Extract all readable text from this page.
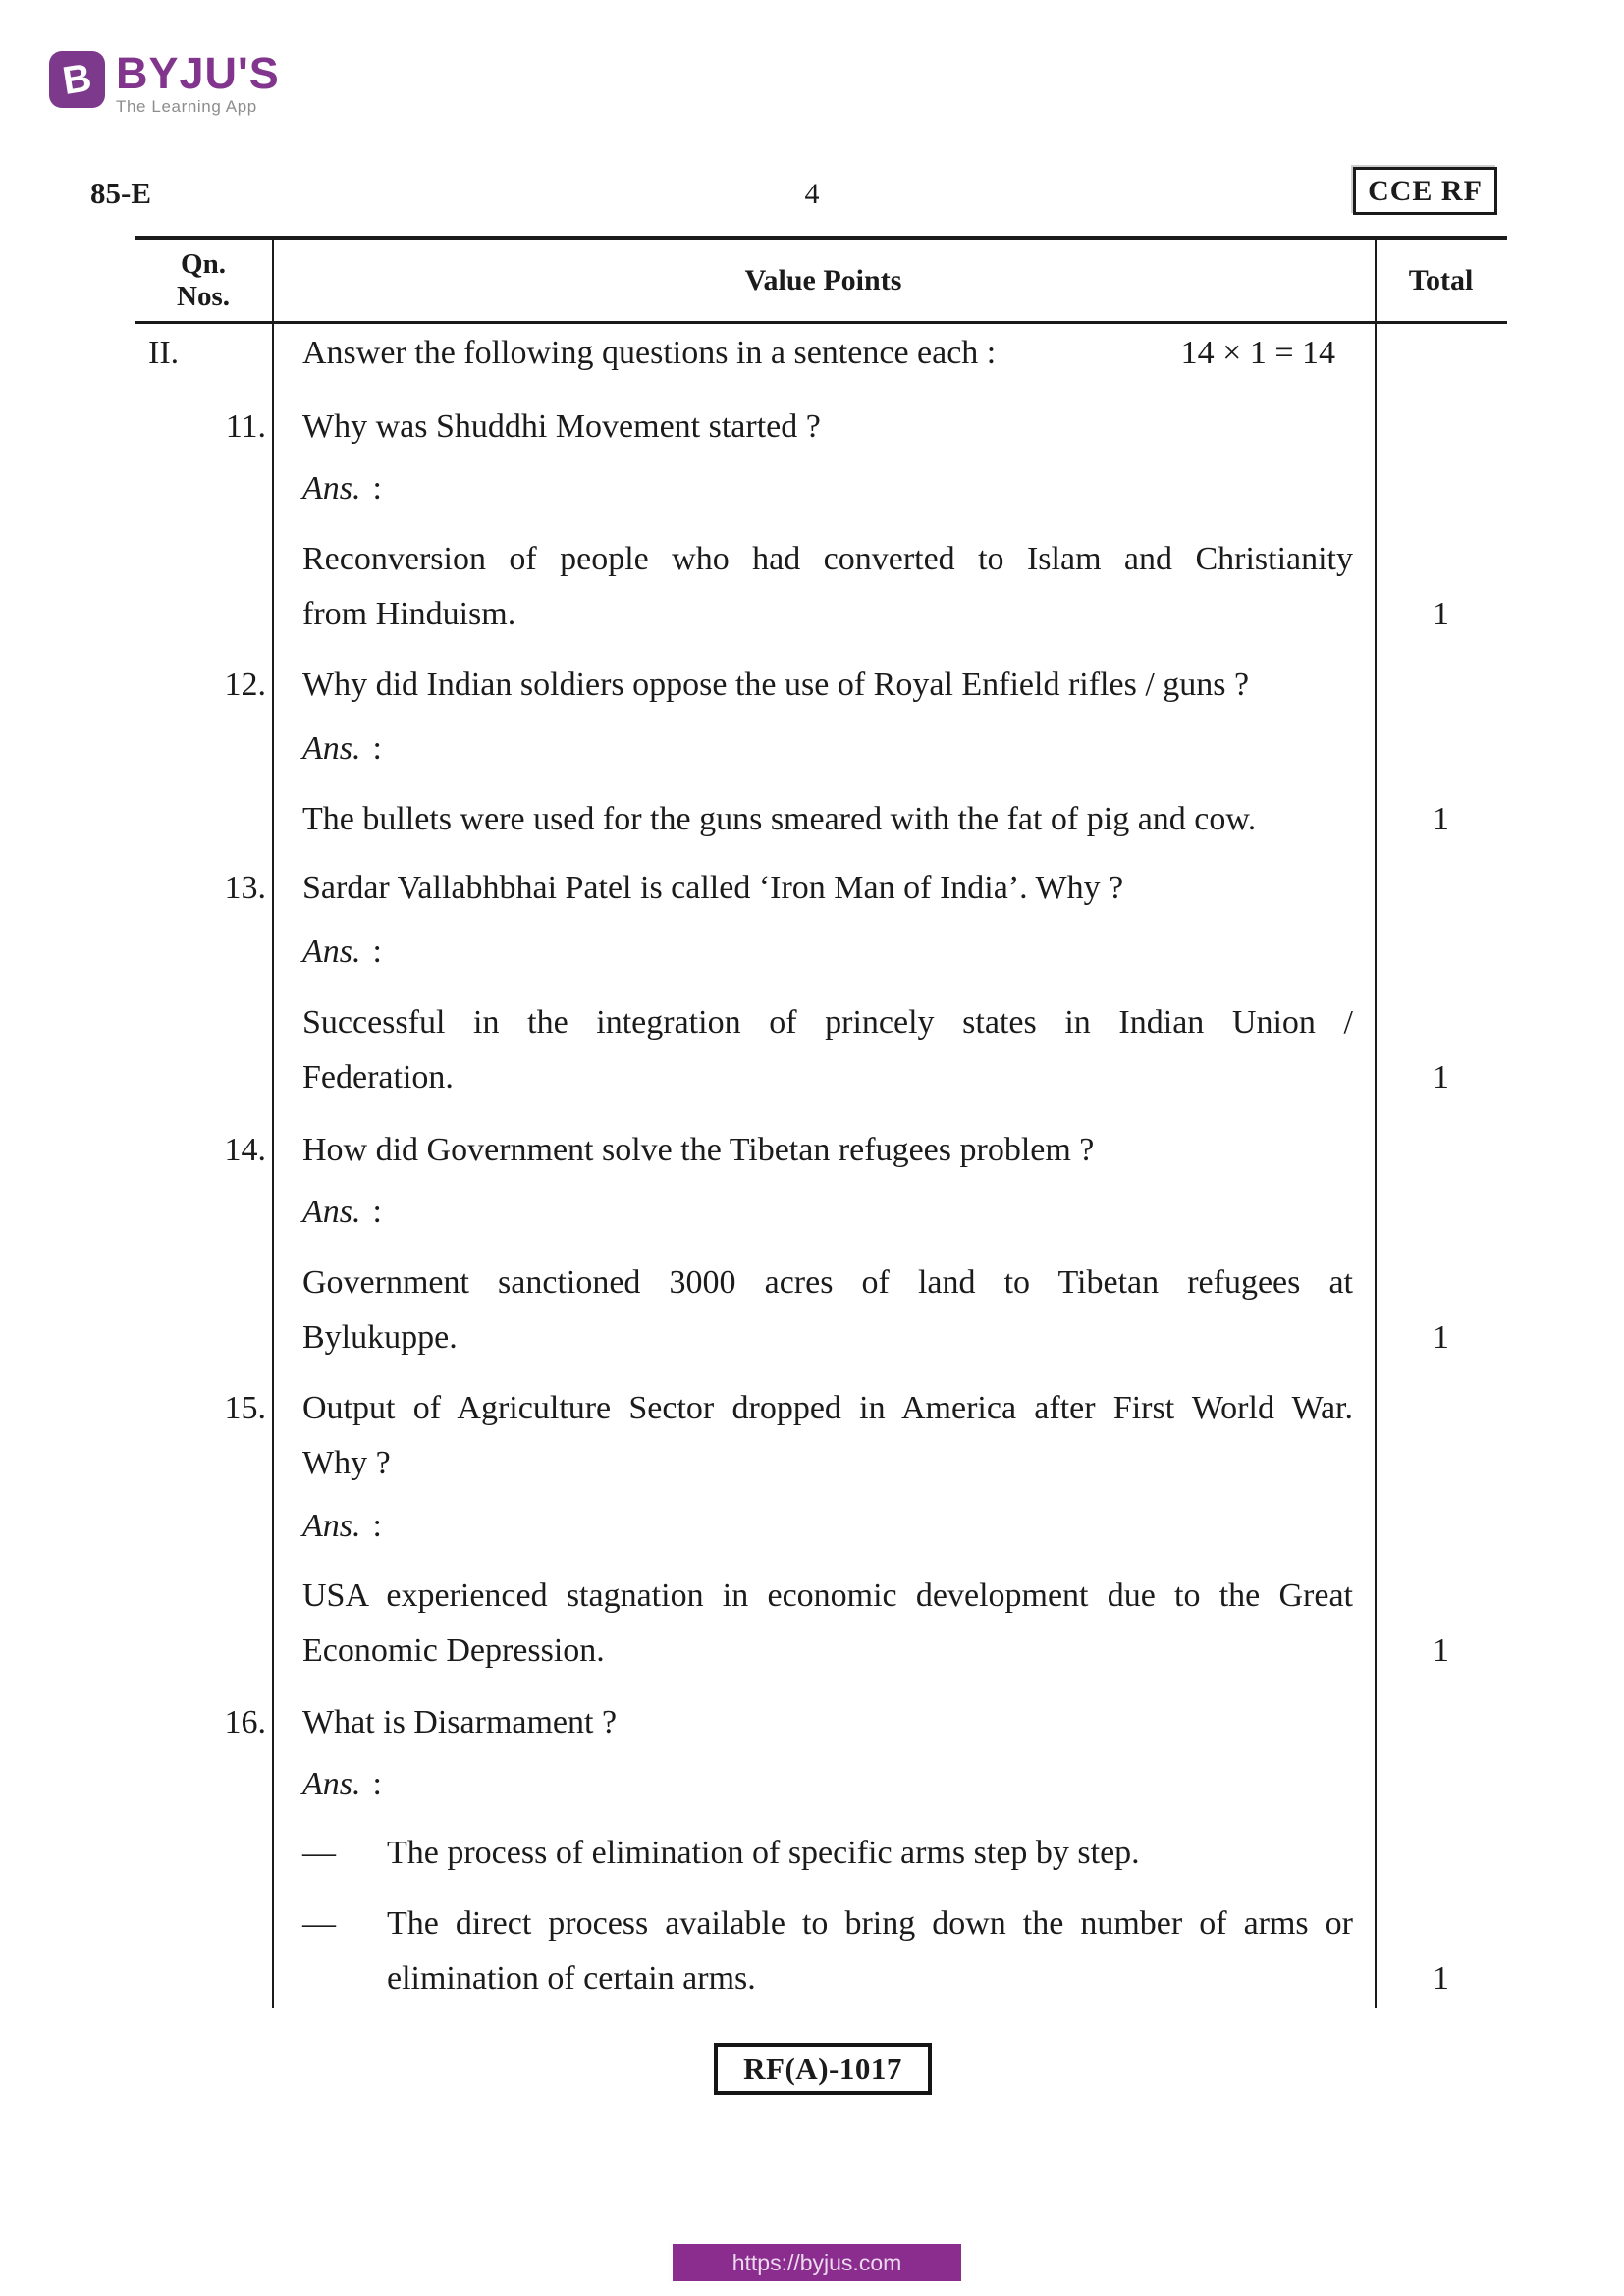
B BYJU'S
The Learning App
85-E	4	CCE RF
Qn.
Nos.	Value Points	Total
II.	Answer the following questions in a sentence each :	14 × 1 = 14
11.	Why was Shuddhi Movement started ?
Ans. :
Reconversion of people who had converted to Islam and Christianity
from Hinduism.	1
12.	Why did Indian soldiers oppose the use of Royal Enfield rifles / guns ?
Ans. :
The bullets were used for the guns smeared with the fat of pig and cow.	1
13.	Sardar Vallabhbhai Patel is called ‘Iron Man of India’. Why ?
Ans. :
Successful in the integration of princely states in Indian Union /
Federation.	1
14.	How did Government solve the Tibetan refugees problem ?
Ans. :
Government sanctioned 3000 acres of land to Tibetan refugees at
Bylukuppe.	1
15. Output of Agriculture Sector dropped in America after First World War.
Why ?
Ans. :
USA experienced stagnation in economic development due to the Great
Economic Depression.	1
16.	What is Disarmament ?
Ans. :
—	The process of elimination of specific arms step by step.
—	The direct process available to bring down the number of arms or
elimination of certain arms.	1
RF(A)-1017
https://byjus.com
